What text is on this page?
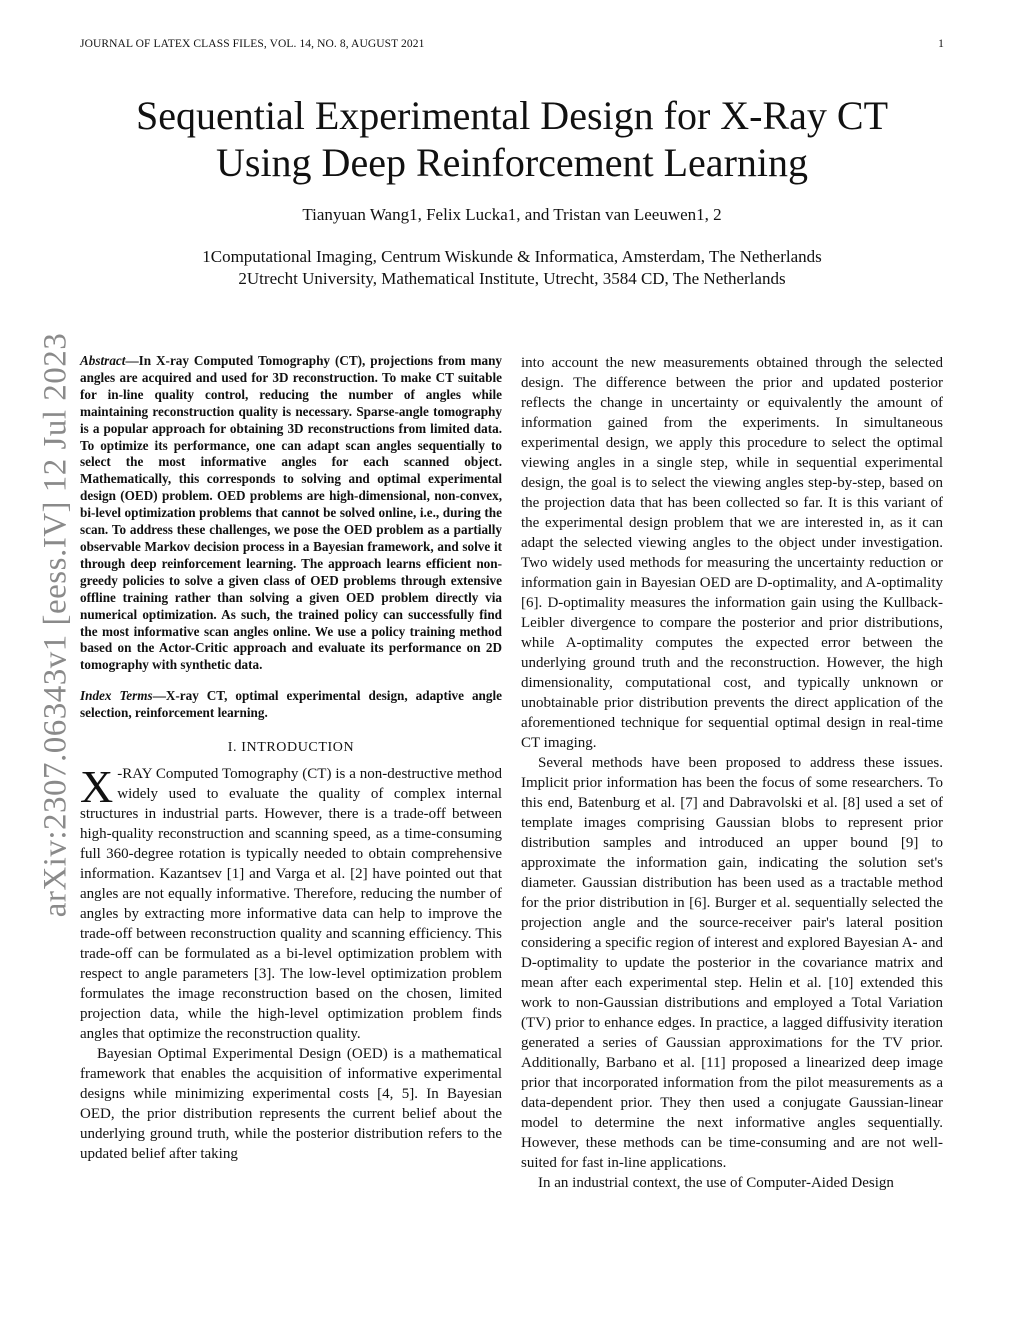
JOURNAL OF LATEX CLASS FILES, VOL. 14, NO. 8, AUGUST 2021	1
Sequential Experimental Design for X-Ray CT
Using Deep Reinforcement Learning
Tianyuan Wang1, Felix Lucka1, and Tristan van Leeuwen1, 2
1Computational Imaging, Centrum Wiskunde & Informatica, Amsterdam, The Netherlands
2Utrecht University, Mathematical Institute, Utrecht, 3584 CD, The Netherlands
arXiv:2307.06343v1 [eess.IV] 12 Jul 2023 Abstract—In X-ray Computed Tomography (CT), projections from many angles are acquired and used for 3D reconstruction. To make CT suitable for in-line quality control, reducing the number of angles while maintaining reconstruction quality is necessary. Sparse-angle tomography is a popular approach for obtaining 3D reconstructions from limited data. To optimize its performance, one can adapt scan angles sequentially to select the most informative angles for each scanned object. Mathematically, this corresponds to solving and optimal experimental design (OED) problem. OED problems are high-dimensional, non-convex, bi-level optimization problems that cannot be solved online, i.e., during the scan. To address these challenges, we pose the OED problem as a partially observable Markov decision process in a Bayesian framework, and solve it through deep reinforcement learning. The approach learns efficient non-greedy policies to solve a given class of OED problems through extensive offline training rather than solving a given OED problem directly via numerical optimization. As such, the trained policy can successfully find the most informative scan angles online. We use a policy training method based on the Actor-Critic approach and evaluate its performance on 2D tomography with synthetic data.

Index Terms—X-ray CT, optimal experimental design, adaptive angle selection, reinforcement learning.

I. INTRODUCTION

X -RAY Computed Tomography (CT) is a non-destructive method widely used to evaluate the quality of complex internal structures in industrial parts. However, there is a trade-off between high-quality reconstruction and scanning speed, as a time-consuming full 360-degree rotation is typically needed to obtain comprehensive information. Kazantsev [1] and Varga et al. [2] have pointed out that angles are not equally informative. Therefore, reducing the number of angles by extracting more informative data can help to improve the trade-off between reconstruction quality and scanning efficiency. This trade-off can be formulated as a bi-level optimization problem with respect to angle parameters [3]. The low-level optimization problem formulates the image reconstruction based on the chosen, limited projection data, while the high-level optimization problem finds angles that optimize the reconstruction quality.

Bayesian Optimal Experimental Design (OED) is a mathematical framework that enables the acquisition of informative experimental designs while minimizing experimental costs [4, 5]. In Bayesian OED, the prior distribution represents the current belief about the underlying ground truth, while the posterior distribution refers to the updated belief after taking

into account the new measurements obtained through the selected design. The difference between the prior and updated posterior reflects the change in uncertainty or equivalently the amount of information gained from the experiments. In simultaneous experimental design, we apply this procedure to select the optimal viewing angles in a single step, while in sequential experimental design, the goal is to select the viewing angles step-by-step, based on the projection data that has been collected so far. It is this variant of the experimental design problem that we are interested in, as it can adapt the selected viewing angles to the object under investigation. Two widely used methods for measuring the uncertainty reduction or information gain in Bayesian OED are D-optimality, and A-optimality [6]. D-optimality measures the information gain using the Kullback-Leibler divergence to compare the posterior and prior distributions, while A-optimality computes the expected error between the underlying ground truth and the reconstruction. However, the high dimensionality, computational cost, and typically unknown or unobtainable prior distribution prevents the direct application of the aforementioned technique for sequential optimal design in real-time CT imaging.

Several methods have been proposed to address these issues. Implicit prior information has been the focus of some researchers. To this end, Batenburg et al. [7] and Dabravolski et al. [8] used a set of template images comprising Gaussian blobs to represent prior distribution samples and introduced an upper bound [9] to approximate the information gain, indicating the solution set's diameter. Gaussian distribution has been used as a tractable method for the prior distribution in [6]. Burger et al. sequentially selected the projection angle and the source-receiver pair's lateral position considering a specific region of interest and explored Bayesian A- and D-optimality to update the posterior in the covariance matrix and mean after each experimental step. Helin et al. [10] extended this work to non-Gaussian distributions and employed a Total Variation (TV) prior to enhance edges. In practice, a lagged diffusivity iteration generated a series of Gaussian approximations for the TV prior. Additionally, Barbano et al. [11] proposed a linearized deep image prior that incorporated information from the pilot measurements as a data-dependent prior. They then used a conjugate Gaussian-linear model to determine the next informative angles sequentially. However, these methods can be time-consuming and are not well-suited for fast in-line applications.

In an industrial context, the use of Computer-Aided Design
